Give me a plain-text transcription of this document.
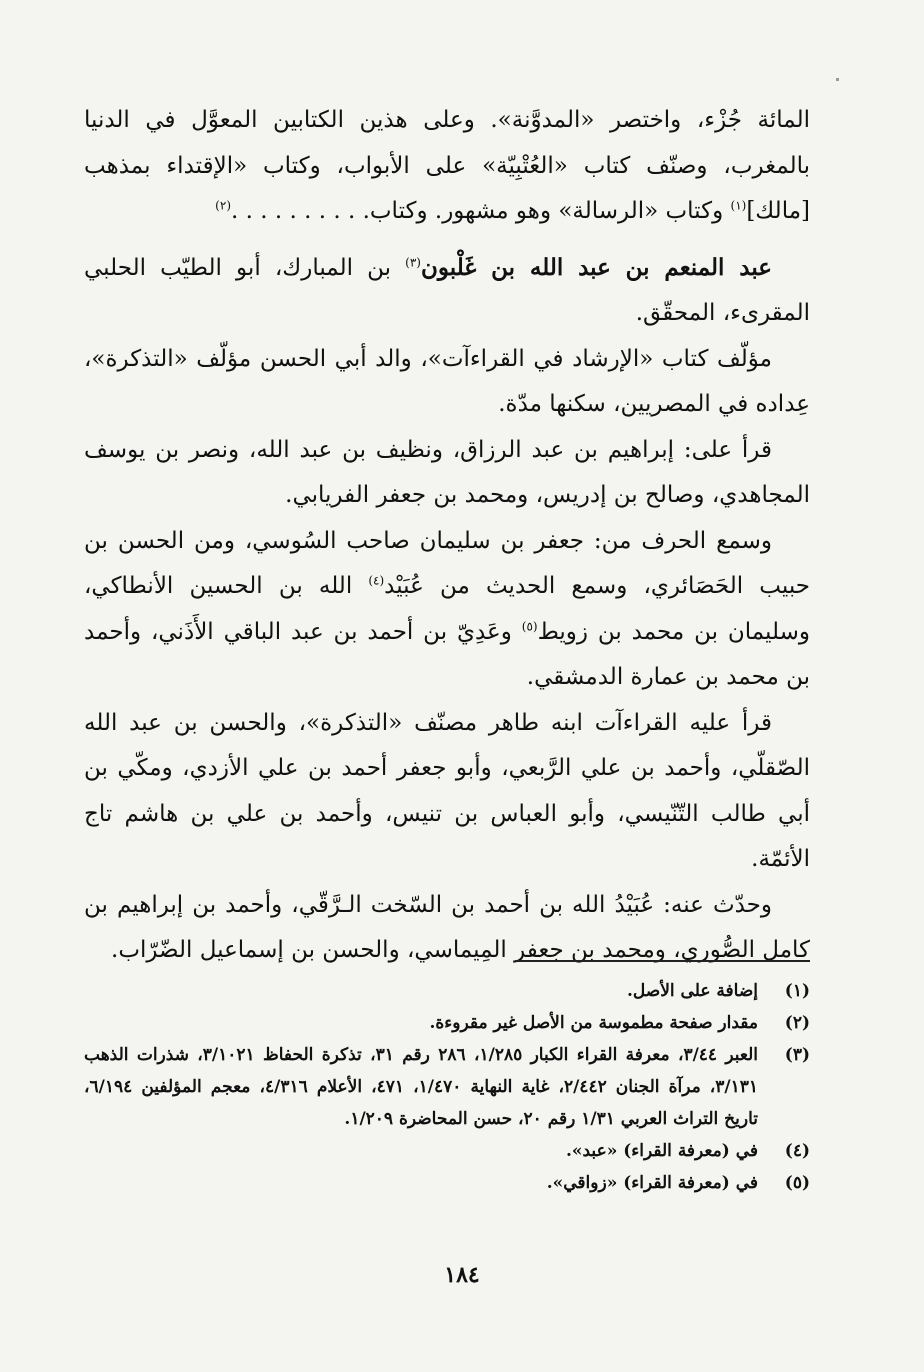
المائة جُزْء، واختصر «المدوَّنة». وعلى هذين الكتابين المعوَّل في الدنيا بالمغرب، وصنّف كتاب «العُتْبِيّة» على الأبواب، وكتاب «الإقتداء بمذهب [مالك]$^{(١)}$ وكتاب «الرسالة» وهو مشهور. وكتاب. . . . . . . . . .$^{(٢)}$

عبد المنعم بن عبد الله بن غَلْبون$^{(٣)}$ بن المبارك، أبو الطيّب الحلبي المقرىء، المحقّق.

مؤلّف كتاب «الإرشاد في القراءآت»، والد أبي الحسن مؤلّف «التذكرة»، عِداده في المصريين، سكنها مدّة.

قرأ على: إبراهيم بن عبد الرزاق، ونظيف بن عبد الله، ونصر بن يوسف المجاهدي، وصالح بن إدريس، ومحمد بن جعفر الفريابي.

وسمع الحرف من: جعفر بن سليمان صاحب السُوسي، ومن الحسن بن حبيب الحَصَائري، وسمع الحديث من عُبَيْد$^{(٤)}$ الله بن الحسين الأنطاكي، وسليمان بن محمد بن زويط$^{(٥)}$ وعَدِيّ بن أحمد بن عبد الباقي الأَذَني، وأحمد بن محمد بن عمارة الدمشقي.

قرأ عليه القراءآت ابنه طاهر مصنّف «التذكرة»، والحسن بن عبد الله الصّقلّي، وأحمد بن علي الرَّبعي، وأبو جعفر أحمد بن علي الأزدي، ومكّي بن أبي طالب التّنّيسي، وأبو العباس بن تنيس، وأحمد بن علي بن هاشم تاج الأئمّة.

وحدّث عنه: عُبَيْدُ الله بن أحمد بن السّخت الـرَّقّي، وأحمد بن إبراهيم بن كامل الصُّوري، ومحمد بن جعفر المِيماسي، والحسن بن إسماعيل الضّرّاب.

(١)
إضافة على الأصل.
(٢)
مقدار صفحة مطموسة من الأصل غير مقروءة.
(٣)
العبر ٣/٤٤، معرفة القراء الكبار ١/٢٨٥، ٢٨٦ رقم ٣١، تذكرة الحفاظ ٣/١٠٢١، شذرات الذهب ٣/١٣١، مرآة الجنان ٢/٤٤٢، غاية النهاية ١/٤٧٠، ٤٧١، الأعلام ٤/٣١٦، معجم المؤلفين ٦/١٩٤، تاريخ التراث العربي ١/٣١ رقم ٢٠، حسن المحاضرة ١/٢٠٩.
(٤)
في (معرفة القراء) «عبد».
(٥)
في (معرفة القراء) «زواقي».
١٨٤
